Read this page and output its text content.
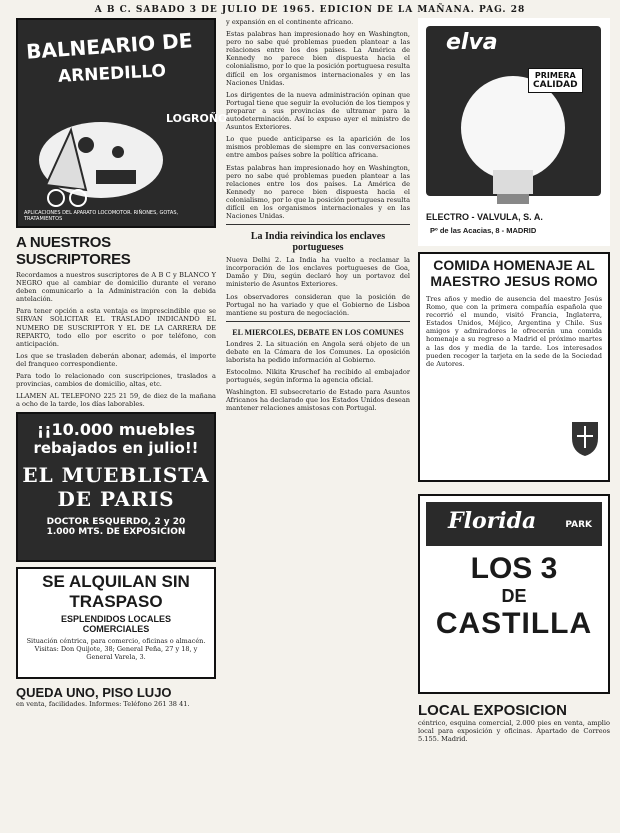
A B C. SABADO 3 DE JULIO DE 1965. EDICION DE LA MAÑANA. PAG. 28
BALNEARIO DE
ARNEDILLO
LOGROÑO
APLICACIONES DEL APARATO LOCOMOTOR. RIÑONES, GOTAS, TRATAMIENTOS
A NUESTROS SUSCRIPTORES

Recordamos a nuestros suscriptores de A B C y BLANCO Y NEGRO que al cambiar de domicilio durante el verano deben comunicarlo a la Administración con la debida antelación.

Para tener opción a esta ventaja es imprescindible que se SIRVAN SOLICITAR EL TRASLADO INDICANDO EL NUMERO DE SUSCRIPTOR Y EL DE LA CARRERA DE REPARTO, todo ello por escrito o por teléfono, con anticipación.

Los que se trasladen deberán abonar, además, el importe del franqueo correspondiente.

Para todo lo relacionado con suscripciones, traslados a provincias, cambios de domicilio, altas, etc.

LLAMEN AL TELEFONO 225 21 59, de diez de la mañana a ocho de la tarde, los días laborables.

¡¡10.000 muebles
rebajados en julio!!
EL MUEBLISTA
DE PARIS
DOCTOR ESQUERDO, 2 y 20
1.000 MTS. DE EXPOSICION
SE ALQUILAN SIN
TRASPASO
ESPLENDIDOS LOCALES
COMERCIALES
Situación céntrica, para comercio, oficinas o almacén. Visitas: Don Quijote, 38; General Peña, 27 y 18, y General Varela, 3.
QUEDA UNO, PISO LUJO

en venta, facilidades. Informes: Teléfono 261 38 41.

y expansión en el continente africano.

Estas palabras han impresionado hoy en Washington, pero no sabe qué problemas pueden plantear a las relaciones entre los dos países. La América de Kennedy no parece bien dispuesta hacia el colonialismo, por lo que la posición portuguesa resulta difícil en los organismos internacionales y en las Naciones Unidas.

Los dirigentes de la nueva administración opinan que Portugal tiene que seguir la evolución de los tiempos y preparar a sus provincias de ultramar para la autodeterminación. Así lo expuso ayer el ministro de Asuntos Exteriores.

Lo que puede anticiparse es la aparición de los mismos problemas de siempre en las conversaciones entre ambos países sobre la política africana.

Estas palabras han impresionado hoy en Washington, pero no sabe qué problemas pueden plantear a las relaciones entre los dos países. La América de Kennedy no parece bien dispuesta hacia el colonialismo, por lo que la posición portuguesa resulta difícil en los organismos internacionales y en las Naciones Unidas.

La India reivindica los enclaves portugueses

Nueva Delhi 2. La India ha vuelto a reclamar la incorporación de los enclaves portugueses de Goa, Damão y Diu, según declaró hoy un portavoz del ministerio de Asuntos Exteriores.

Los observadores consideran que la posición de Portugal no ha variado y que el Gobierno de Lisboa mantiene su postura de negociación.

EL MIERCOLES, DEBATE EN LOS COMUNES

Londres 2. La situación en Angola será objeto de un debate en la Cámara de los Comunes. La oposición laborista ha pedido información al Gobierno.

Estocolmo. Nikita Kruschef ha recibido al embajador portugués, según informa la agencia oficial.

Washington. El subsecretario de Estado para Asuntos Africanos ha declarado que los Estados Unidos desean mantener relaciones amistosas con Portugal.

elva
PRIMERA
CALIDAD
ELECTRO - VALVULA, S. A.
Pº de las Acacias, 8 - MADRID
COMIDA HOMENAJE AL
MAESTRO JESUS ROMO

Tres años y medio de ausencia del maestro Jesús Romo, que con la primera compañía española que recorrió el mundo, visitó Francia, Inglaterra, Estados Unidos, Méjico, Argentina y Chile. Sus amigos y admiradores le ofrecerán una comida homenaje a su regreso a Madrid el próximo martes a las dos y media de la tarde. Los interesados pueden recoger la tarjeta en la sede de la Sociedad de Autores.

Florida	PARK
LOS 3
DE
CASTILLA
LOCAL EXPOSICION

céntrico, esquina comercial, 2.000 pies en venta, amplio local para exposición y oficinas. Apartado de Correos 5.155. Madrid.
